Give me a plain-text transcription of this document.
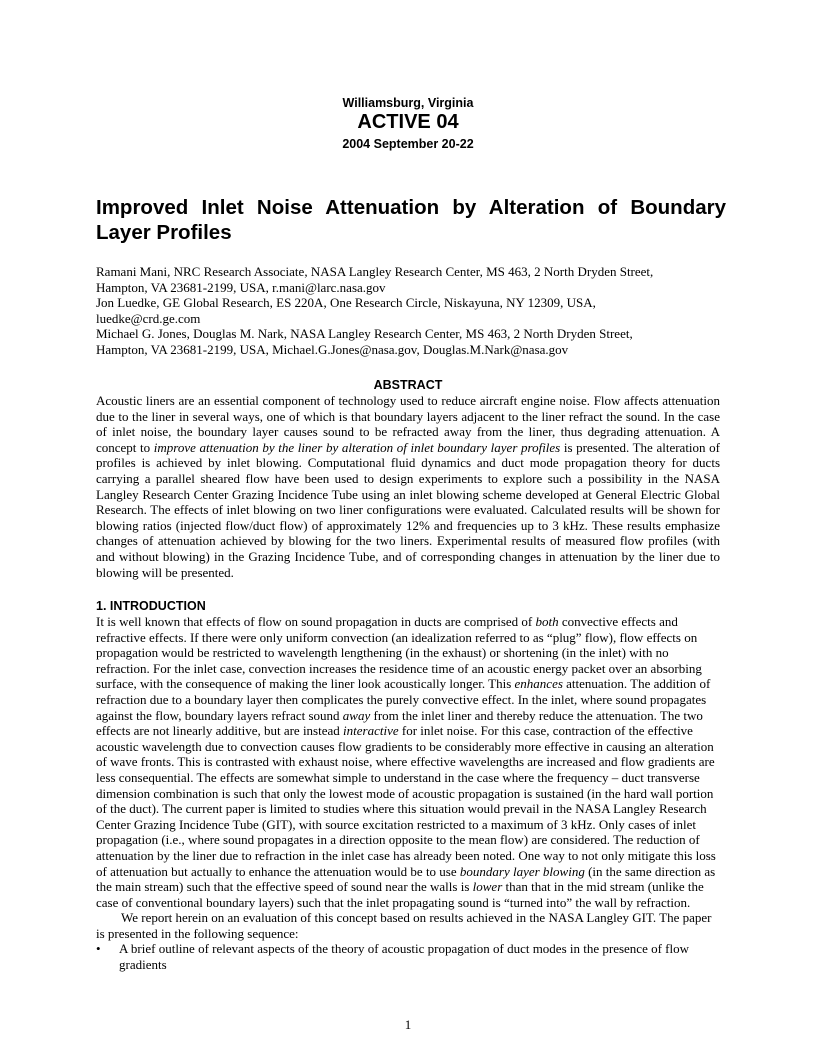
Williamsburg, Virginia
ACTIVE 04
2004 September 20-22
Improved Inlet Noise Attenuation by Alteration of Boundary Layer Profiles
Ramani Mani, NRC Research Associate, NASA Langley Research Center, MS 463, 2 North Dryden Street,
Hampton, VA 23681-2199, USA, r.mani@larc.nasa.gov
Jon Luedke, GE Global Research, ES 220A, One Research Circle, Niskayuna, NY 12309, USA,
luedke@crd.ge.com
Michael G. Jones, Douglas M. Nark, NASA Langley Research Center, MS 463, 2 North Dryden Street,
Hampton, VA 23681-2199, USA, Michael.G.Jones@nasa.gov, Douglas.M.Nark@nasa.gov
ABSTRACT
Acoustic liners are an essential component of technology used to reduce aircraft engine noise. Flow affects attenuation due to the liner in several ways, one of which is that boundary layers adjacent to the liner refract the sound. In the case of inlet noise, the boundary layer causes sound to be refracted away from the liner, thus degrading attenuation. A concept to improve attenuation by the liner by alteration of inlet boundary layer profiles is presented. The alteration of profiles is achieved by inlet blowing. Computational fluid dynamics and duct mode propagation theory for ducts carrying a parallel sheared flow have been used to design experiments to explore such a possibility in the NASA Langley Research Center Grazing Incidence Tube using an inlet blowing scheme developed at General Electric Global Research. The effects of inlet blowing on two liner configurations were evaluated. Calculated results will be shown for blowing ratios (injected flow/duct flow) of approximately 12% and frequencies up to 3 kHz. These results emphasize changes of attenuation achieved by blowing for the two liners. Experimental results of measured flow profiles (with and without blowing) in the Grazing Incidence Tube, and of corresponding changes in attenuation by the liner due to blowing will be presented.
1. INTRODUCTION
It is well known that effects of flow on sound propagation in ducts are comprised of both convective effects and refractive effects. If there were only uniform convection (an idealization referred to as “plug” flow), flow effects on propagation would be restricted to wavelength lengthening (in the exhaust) or shortening (in the inlet) with no refraction. For the inlet case, convection increases the residence time of an acoustic energy packet over an absorbing surface, with the consequence of making the liner look acoustically longer. This enhances attenuation. The addition of refraction due to a boundary layer then complicates the purely convective effect. In the inlet, where sound propagates against the flow, boundary layers refract sound away from the inlet liner and thereby reduce the attenuation. The two effects are not linearly additive, but are instead interactive for inlet noise. For this case, contraction of the effective acoustic wavelength due to convection causes flow gradients to be considerably more effective in causing an alteration of wave fronts. This is contrasted with exhaust noise, where effective wavelengths are increased and flow gradients are less consequential. The effects are somewhat simple to understand in the case where the frequency – duct transverse dimension combination is such that only the lowest mode of acoustic propagation is sustained (in the hard wall portion of the duct). The current paper is limited to studies where this situation would prevail in the NASA Langley Research Center Grazing Incidence Tube (GIT), with source excitation restricted to a maximum of 3 kHz. Only cases of inlet propagation (i.e., where sound propagates in a direction opposite to the mean flow) are considered. The reduction of attenuation by the liner due to refraction in the inlet case has already been noted. One way to not only mitigate this loss of attenuation but actually to enhance the attenuation would be to use boundary layer blowing (in the same direction as the main stream) such that the effective speed of sound near the walls is lower than that in the mid stream (unlike the case of conventional boundary layers) such that the inlet propagating sound is “turned into” the wall by refraction.
We report herein on an evaluation of this concept based on results achieved in the NASA Langley GIT. The paper is presented in the following sequence:
•	A brief outline of relevant aspects of the theory of acoustic propagation of duct modes in the presence of flow gradients
1
